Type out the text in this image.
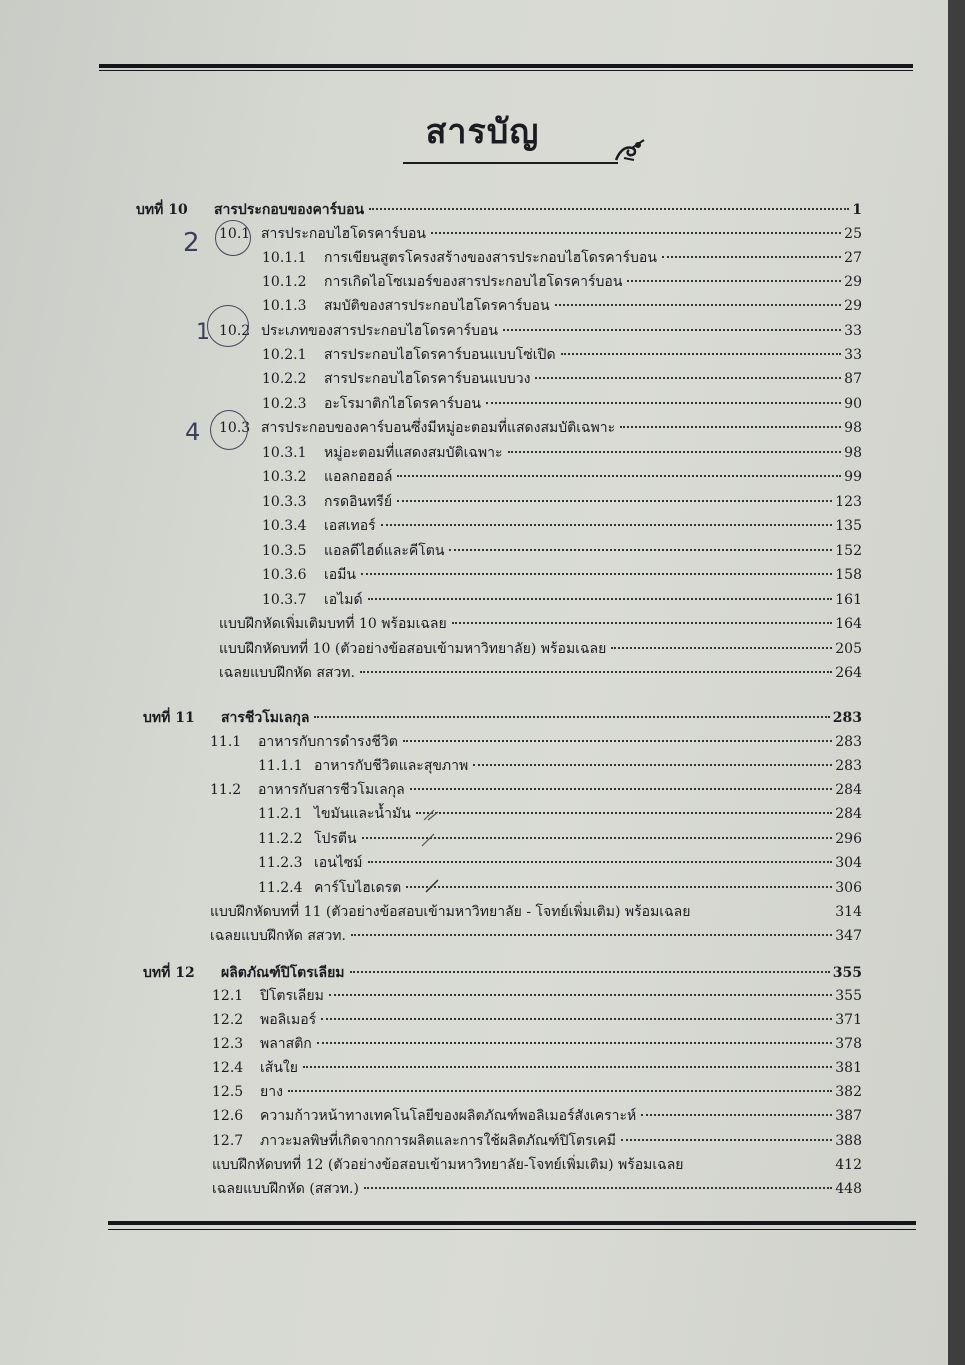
สารบัญ
บทที่ 10	สารประกอบของคาร์บอน	1
10.1 สารประกอบไฮโดรคาร์บอน	25
10.1.1	การเขียนสูตรโครงสร้างของสารประกอบไฮโดรคาร์บอน	27
10.1.2	การเกิดไอโซเมอร์ของสารประกอบไฮโดรคาร์บอน	29
10.1.3	สมบัติของสารประกอบไฮโดรคาร์บอน	29
10.2 ประเภทของสารประกอบไฮโดรคาร์บอน	33
10.2.1	สารประกอบไฮโดรคาร์บอนแบบโซ่เปิด	33
10.2.2	สารประกอบไฮโดรคาร์บอนแบบวง	87
10.2.3	อะโรมาติกไฮโดรคาร์บอน	90
10.3 สารประกอบของคาร์บอนซึ่งมีหมู่อะตอมที่แสดงสมบัติเฉพาะ	98
10.3.1	หมู่อะตอมที่แสดงสมบัติเฉพาะ	98
10.3.2	แอลกอฮอล์	99
10.3.3	กรดอินทรีย์	123
10.3.4	เอสเทอร์	135
10.3.5	แอลดีไฮด์และคีโตน	152
10.3.6	เอมีน	158
10.3.7	เอไมด์	161
แบบฝึกหัดเพิ่มเติมบทที่ 10 พร้อมเฉลย	164
แบบฝึกหัดบทที่ 10 (ตัวอย่างข้อสอบเข้ามหาวิทยาลัย) พร้อมเฉลย	205
เฉลยแบบฝึกหัด สสวท.	264
บทที่ 11	สารชีวโมเลกุล	283
11.1	อาหารกับการดำรงชีวิต	283
11.1.1 อาหารกับชีวิตและสุขภาพ	283
11.2	อาหารกับสารชีวโมเลกุล	284
11.2.1 ไขมันและน้ำมัน	284
11.2.2 โปรตีน	296
11.2.3 เอนไซม์	304
11.2.4 คาร์โบไฮเดรต	306
แบบฝึกหัดบทที่ 11 (ตัวอย่างข้อสอบเข้ามหาวิทยาลัย - โจทย์เพิ่มเติม) พร้อมเฉลย	314
เฉลยแบบฝึกหัด สสวท.	347
บทที่ 12	ผลิตภัณฑ์ปิโตรเลียม	355
12.1	ปิโตรเลียม	355
12.2	พอลิเมอร์	371
12.3	พลาสติก	378
12.4	เส้นใย	381
12.5	ยาง	382
12.6	ความก้าวหน้าทางเทคโนโลยีของผลิตภัณฑ์พอลิเมอร์สังเคราะห์	387
12.7	ภาวะมลพิษที่เกิดจากการผลิตและการใช้ผลิตภัณฑ์ปิโตรเคมี	388
แบบฝึกหัดบทที่ 12 (ตัวอย่างข้อสอบเข้ามหาวิทยาลัย-โจทย์เพิ่มเติม) พร้อมเฉลย	412
เฉลยแบบฝึกหัด (สสวท.)	448
2
1
4
